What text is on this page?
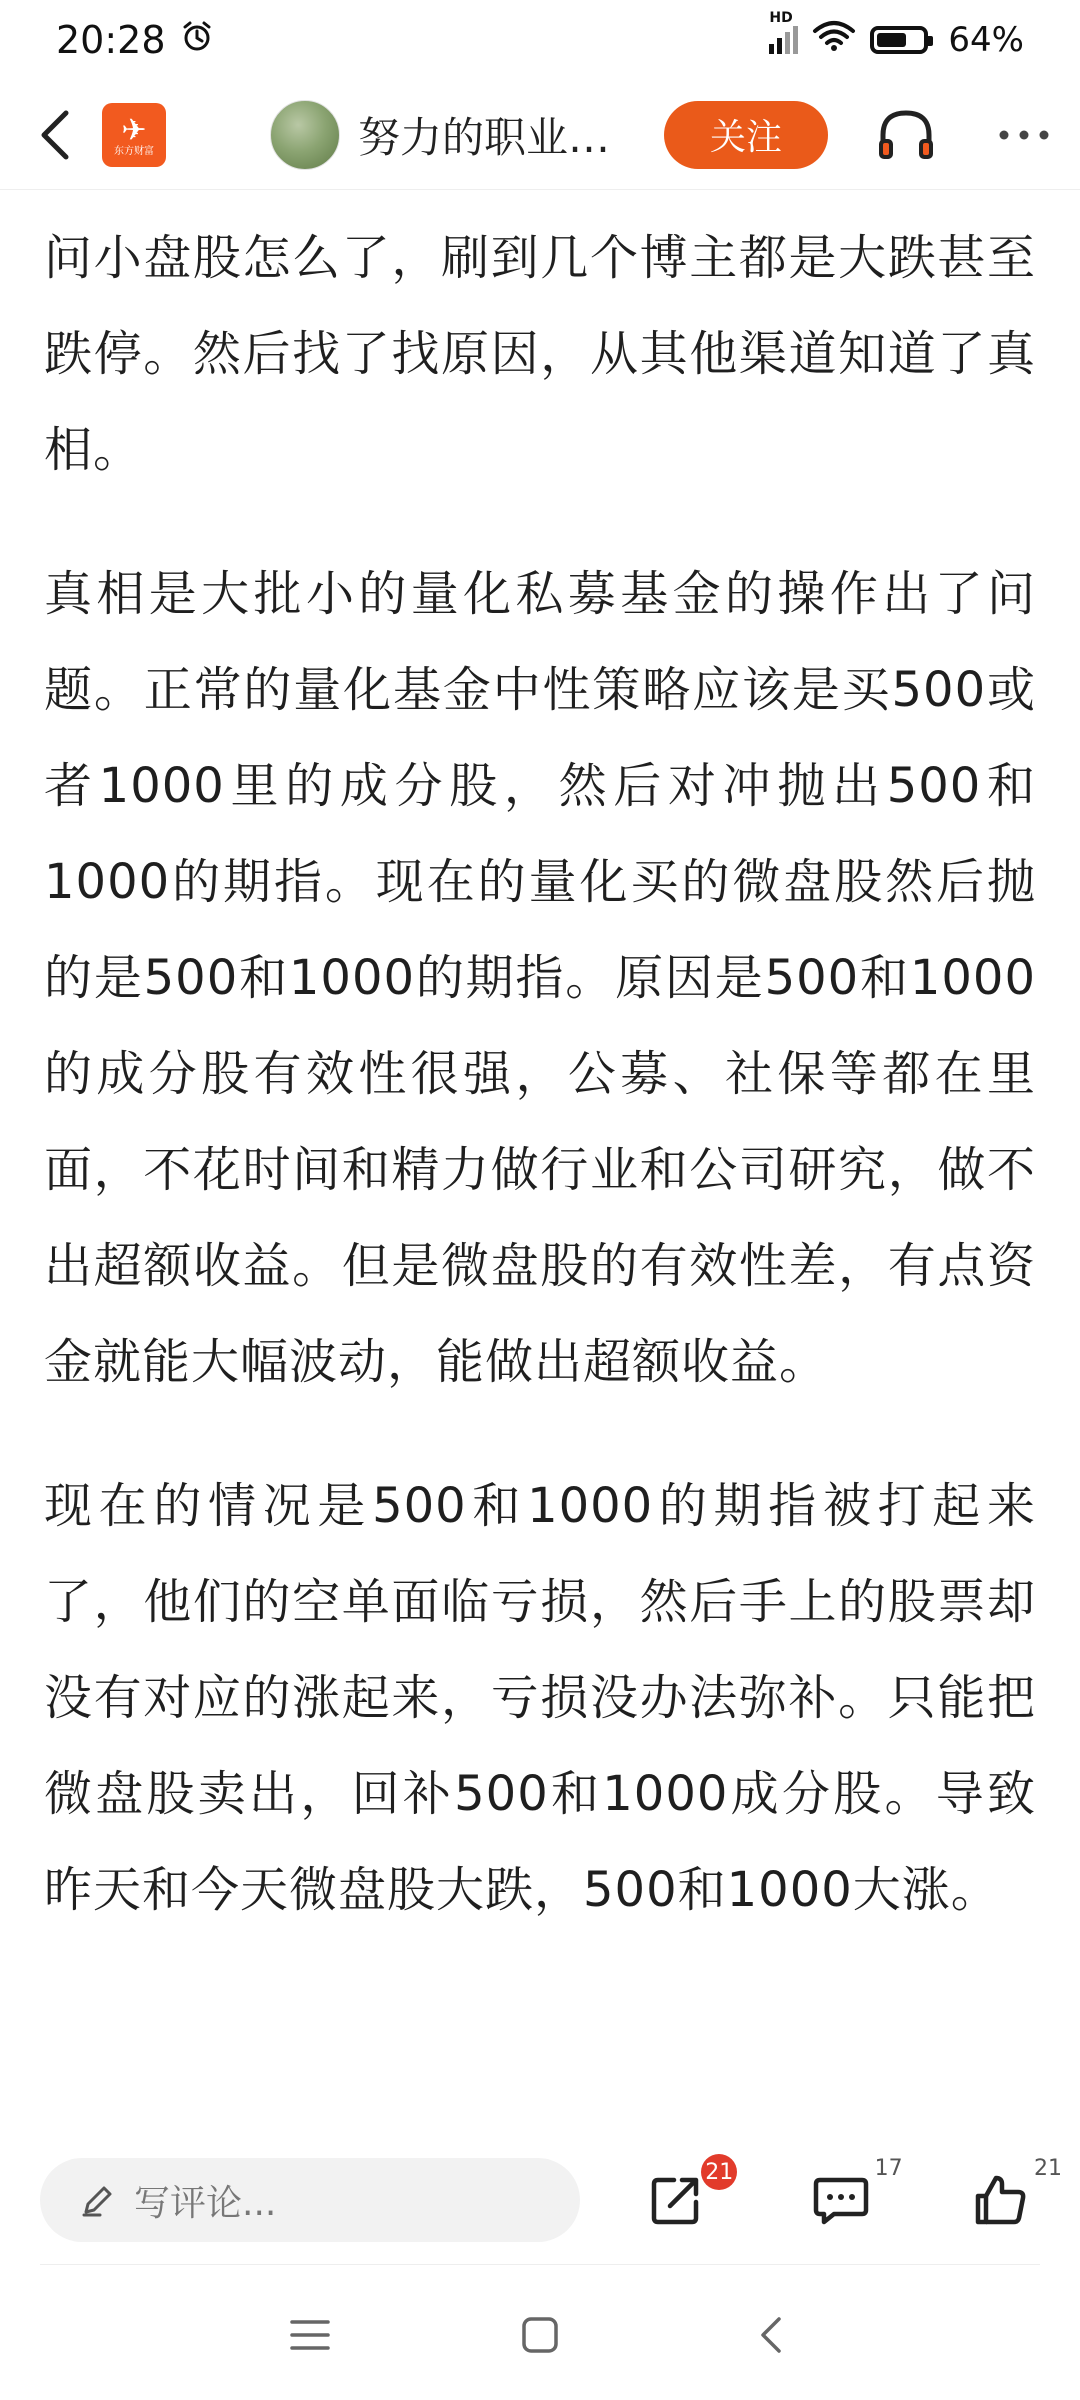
20:28	HD
64%
✈
东方财富	努力的职业…	关注

问小盘股怎么了，刷到几个博主都是大跌甚至跌停。然后找了找原因，从其他渠道知道了真相。

真相是大批小的量化私募基金的操作出了问题。正常的量化基金中性策略应该是买500或者1000里的成分股，然后对冲抛出500和1000的期指。现在的量化买的微盘股然后抛的是500和1000的期指。原因是500和1000的成分股有效性很强，公募、社保等都在里面，不花时间和精力做行业和公司研究，做不出超额收益。但是微盘股的有效性差，有点资金就能大幅波动，能做出超额收益。

现在的情况是500和1000的期指被打起来了，他们的空单面临亏损，然后手上的股票却没有对应的涨起来，亏损没办法弥补。只能把微盘股卖出，回补500和1000成分股。导致昨天和今天微盘股大跌，500和1000大涨。

写评论...
21	17	21
